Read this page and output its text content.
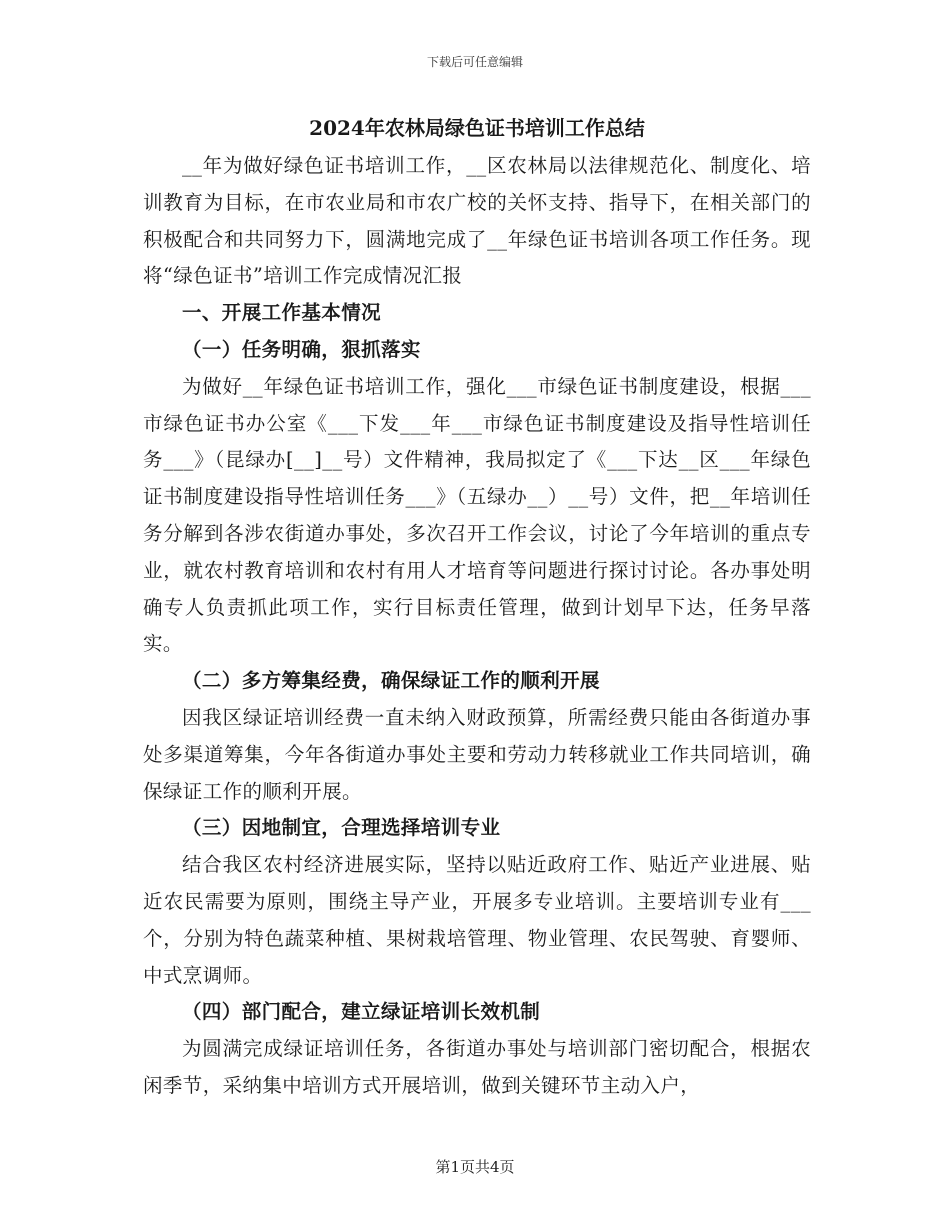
下载后可任意编辑
2024年农林局绿色证书培训工作总结

__年为做好绿色证书培训工作，__区农林局以法律规范化、制度化、培训教育为目标，在市农业局和市农广校的关怀支持、指导下，在相关部门的积极配合和共同努力下，圆满地完成了__年绿色证书培训各项工作任务。现将“绿色证书”培训工作完成情况汇报

一、开展工作基本情况
（一）任务明确，狠抓落实

为做好__年绿色证书培训工作，强化___市绿色证书制度建设，根据___市绿色证书办公室《___下发___年___市绿色证书制度建设及指导性培训任务___》（昆绿办[__]__号）文件精神，我局拟定了《___下达__区___年绿色证书制度建设指导性培训任务___》（五绿办__）__号）文件，把__年培训任务分解到各涉农街道办事处，多次召开工作会议，讨论了今年培训的重点专业，就农村教育培训和农村有用人才培育等问题进行探讨讨论。各办事处明确专人负责抓此项工作，实行目标责任管理，做到计划早下达，任务早落实。

（二）多方筹集经费，确保绿证工作的顺利开展

因我区绿证培训经费一直未纳入财政预算，所需经费只能由各街道办事处多渠道筹集，今年各街道办事处主要和劳动力转移就业工作共同培训，确保绿证工作的顺利开展。

（三）因地制宜，合理选择培训专业

结合我区农村经济进展实际，坚持以贴近政府工作、贴近产业进展、贴近农民需要为原则，围绕主导产业，开展多专业培训。主要培训专业有___个，分别为特色蔬菜种植、果树栽培管理、物业管理、农民驾驶、育婴师、中式烹调师。

（四）部门配合，建立绿证培训长效机制

为圆满完成绿证培训任务，各街道办事处与培训部门密切配合，根据农闲季节，采纳集中培训方式开展培训，做到关键环节主动入户，

第1页共4页
